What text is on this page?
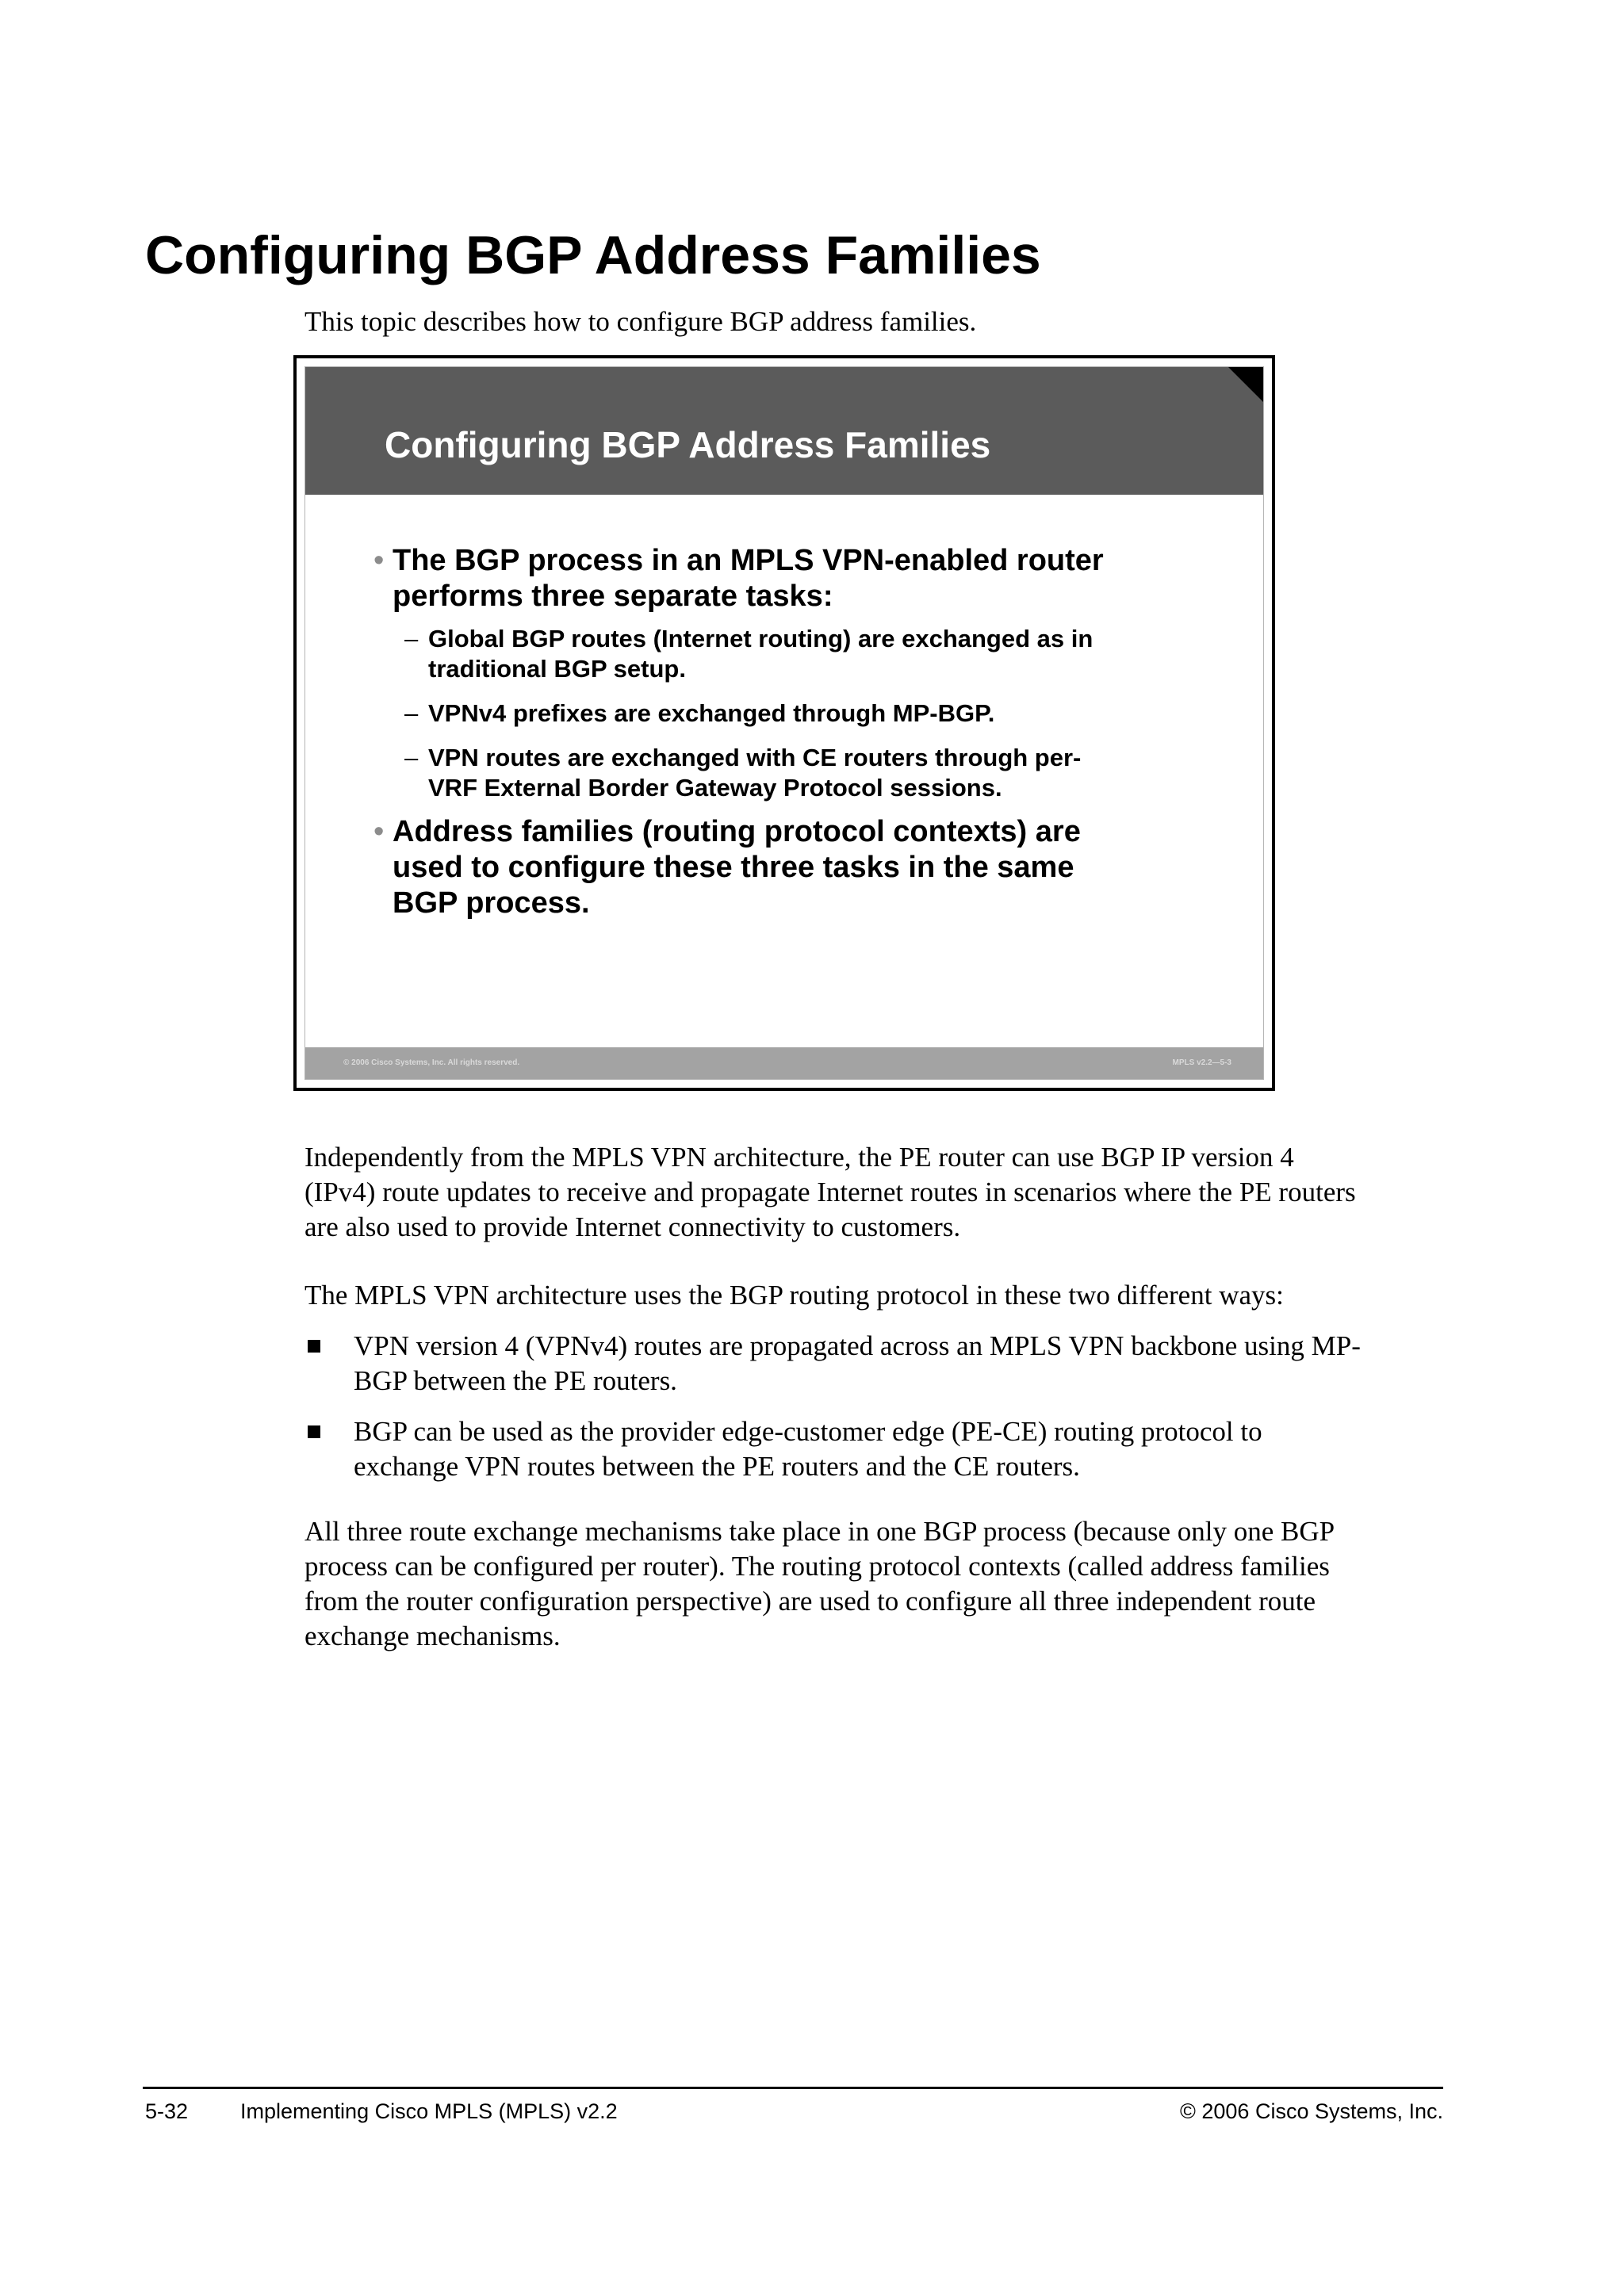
Configuring BGP Address Families

This topic describes how to configure BGP address families.

Configuring BGP Address Families
• The BGP process in an MPLS VPN-enabled router
performs three separate tasks:
– Global BGP routes (Internet routing) are exchanged as in
traditional BGP setup.
– VPNv4 prefixes are exchanged through MP-BGP.
– VPN routes are exchanged with CE routers through per-
VRF External Border Gateway Protocol sessions.
• Address families (routing protocol contexts) are
used to configure these three tasks in the same
BGP process.
© 2006 Cisco Systems, Inc. All rights reserved.	MPLS v2.2—5-3
Independently from the MPLS VPN architecture, the PE router can use BGP IP version 4
(IPv4) route updates to receive and propagate Internet routes in scenarios where the PE routers
are also used to provide Internet connectivity to customers.

The MPLS VPN architecture uses the BGP routing protocol in these two different ways:

VPN version 4 (VPNv4) routes are propagated across an MPLS VPN backbone using MP-
BGP between the PE routers.
BGP can be used as the provider edge-customer edge (PE-CE) routing protocol to
exchange VPN routes between the PE routers and the CE routers.
All three route exchange mechanisms take place in one BGP process (because only one BGP
process can be configured per router). The routing protocol contexts (called address families
from the router configuration perspective) are used to configure all three independent route
exchange mechanisms.
5-32 Implementing Cisco MPLS (MPLS) v2.2	© 2006 Cisco Systems, Inc.
